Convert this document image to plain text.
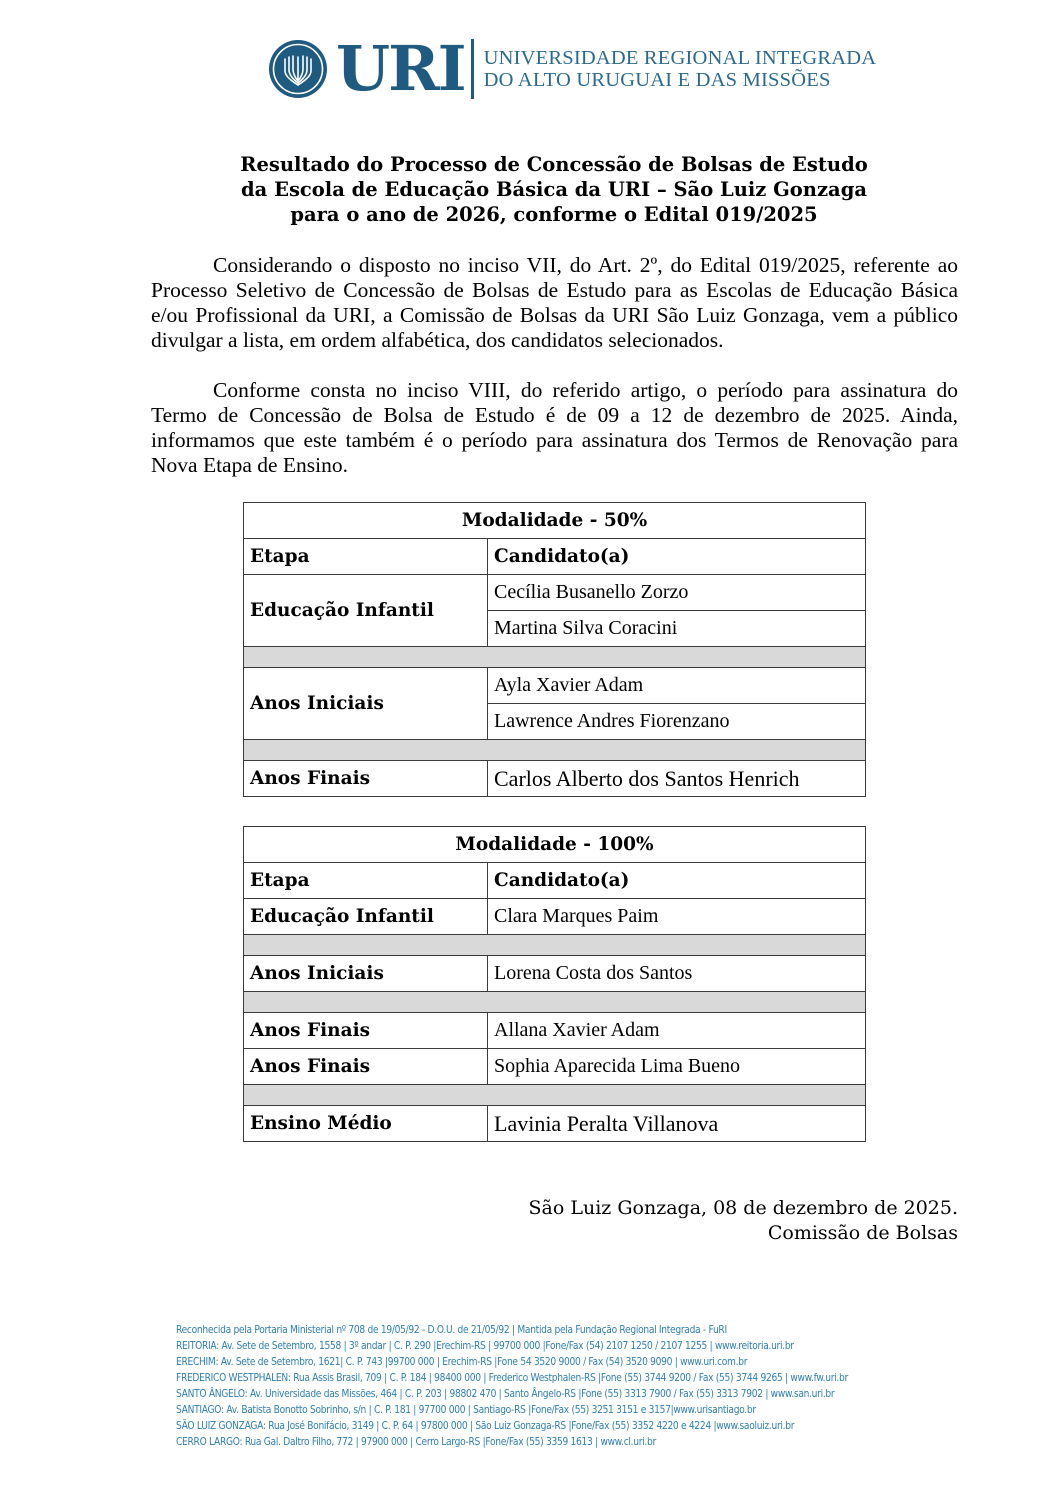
URI UNIVERSIDADE REGIONAL INTEGRADA
DO ALTO URUGUAI E DAS MISSÕES
Resultado do Processo de Concessão de Bolsas de Estudo
da Escola de Educação Básica da URI – São Luiz Gonzaga
para o ano de 2026, conforme o Edital 019/2025

Considerando o disposto no inciso VII, do Art. 2º, do Edital 019/2025, referente ao Processo Seletivo de Concessão de Bolsas de Estudo para as Escolas de Educação Básica e/ou Profissional da URI, a Comissão de Bolsas da URI São Luiz Gonzaga, vem a público divulgar a lista, em ordem alfabética, dos candidatos selecionados.

Conforme consta no inciso VIII, do referido artigo, o período para assinatura do Termo de Concessão de Bolsa de Estudo é de 09 a 12 de dezembro de 2025. Ainda, informamos que este também é o período para assinatura dos Termos de Renovação para Nova Etapa de Ensino.

Modalidade - 50%	
Etapa	Candidato(a)
Educação Infantil	Cecília Busanello Zorzo
	Martina Silva Coracini

Anos Iniciais	Ayla Xavier Adam
	Lawrence Andres Fiorenzano

Anos Finais	Carlos Alberto dos Santos Henrich
Modalidade - 100%	
Etapa	Candidato(a)
Educação Infantil	Clara Marques Paim

Anos Iniciais	Lorena Costa dos Santos

Anos Finais	Allana Xavier Adam
Anos Finais	Sophia Aparecida Lima Bueno

Ensino Médio	Lavinia Peralta Villanova
São Luiz Gonzaga, 08 de dezembro de 2025.
Comissão de Bolsas
Reconhecida pela Portaria Ministerial nº 708 de 19/05/92 - D.O.U. de 21/05/92 | Mantida pela Fundação Regional Integrada - FuRI
REITORIA: Av. Sete de Setembro, 1558 | 3º andar | C. P. 290 |Erechim-RS | 99700 000 |Fone/Fax (54) 2107 1250 / 2107 1255 | www.reitoria.uri.br
ERECHIM: Av. Sete de Setembro, 1621| C. P. 743 |99700 000 | Erechim-RS |Fone 54 3520 9000 / Fax (54) 3520 9090 | www.uri.com.br
FREDERICO WESTPHALEN: Rua Assis Brasil, 709 | C. P. 184 | 98400 000 | Frederico Westphalen-RS |Fone (55) 3744 9200 / Fax (55) 3744 9265 | www.fw.uri.br
SANTO ÂNGELO: Av. Universidade das Missões, 464 | C. P. 203 | 98802 470 | Santo Ângelo-RS |Fone (55) 3313 7900 / Fax (55) 3313 7902 | www.san.uri.br
SANTIAGO: Av. Batista Bonotto Sobrinho, s/n | C. P. 181 | 97700 000 | Santiago-RS |Fone/Fax (55) 3251 3151 e 3157|www.urisantiago.br
SÃO LUIZ GONZAGA: Rua José Bonifácio, 3149 | C. P. 64 | 97800 000 | São Luiz Gonzaga-RS |Fone/Fax (55) 3352 4220 e 4224 |www.saoluiz.uri.br
CERRO LARGO: Rua Gal. Daltro Filho, 772 | 97900 000 | Cerro Largo-RS |Fone/Fax (55) 3359 1613 | www.cl.uri.br
